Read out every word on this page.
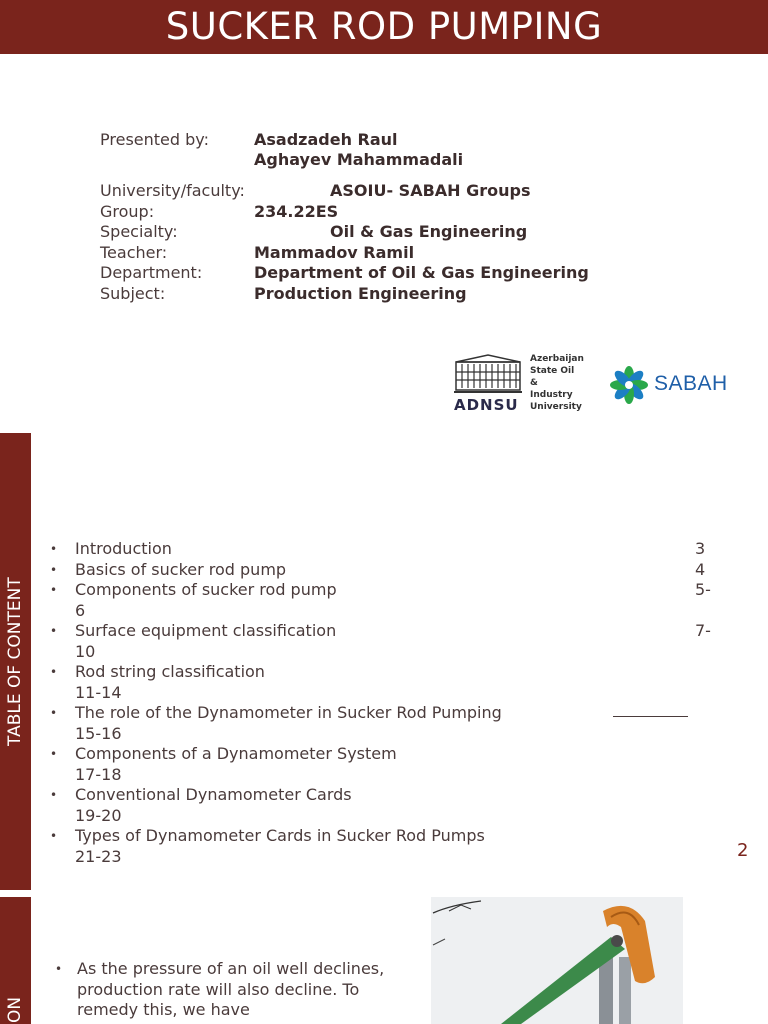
SUCKER ROD PUMPING
Presented by:	Asadzadeh Raul
Aghayev Mahammadali
University/faculty:	ASOIU- SABAH Groups
Group:	234.22ES
Specialty:	Oil & Gas Engineering
Teacher:	Mammadov Ramil
Department:	Department of Oil & Gas Engineering
Subject:	Production Engineering
ADNSU
Azerbaijan
State Oil
&
Industry
University
SABAH
TABLE OF CONTENT
•	Introduction	3
•	Basics of sucker rod pump	4
•	Components of sucker rod pump	5-
6
•	Surface equipment classification	7-
10
•	Rod string classification
11-14
•	The role of the Dynamometer in Sucker Rod Pumping
15-16
•	Components of a Dynamometer System
17-18
•	Conventional Dynamometer Cards
19-20
•	Types of Dynamometer Cards in Sucker Rod Pumps
21-23	2
ON
• As the pressure of an oil well declines, production rate will also decline. To remedy this, we have
